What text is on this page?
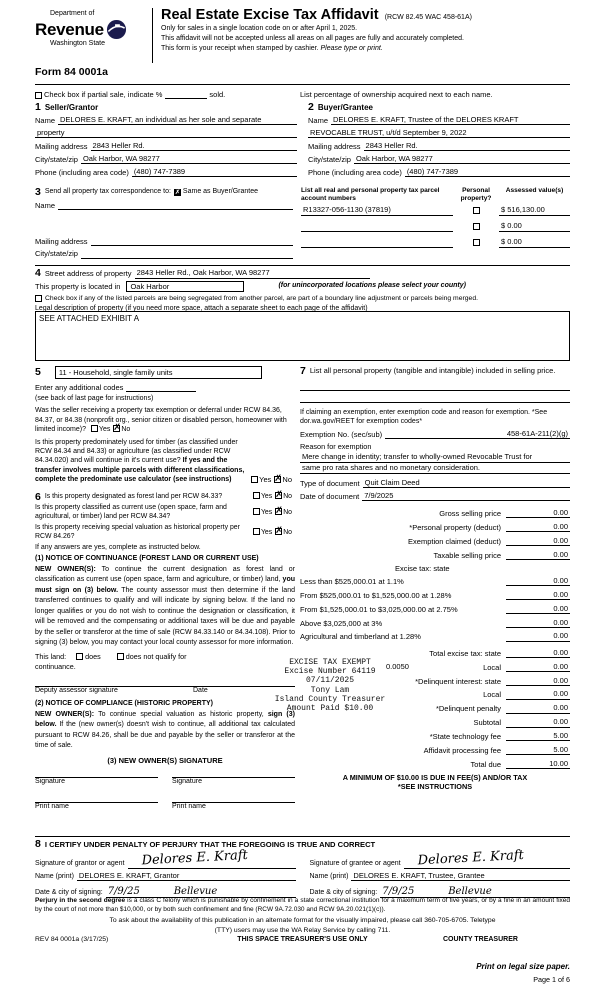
Department of
Revenue
Washington State
Real Estate Excise Tax Affidavit (RCW 82.45 WAC 458-61A)
Only for sales in a single location code on or after April 1, 2025.
This affidavit will not be accepted unless all areas on all pages are fully and accurately completed.
This form is your receipt when stamped by cashier. Please type or print.
Form 84 0001a
Check box if partial sale, indicate %	sold.	List percentage of ownership acquired next to each name.
1 Seller/Grantor
Name DELORES E. KRAFT, an individual as her sole and separate
property
Mailing address 2843 Heller Rd.
City/state/zip Oak Harbor, WA 98277
Phone (including area code) (480) 747-7389
2 Buyer/Grantee
Name DELORES E. KRAFT, Trustee of the DELORES KRAFT
REVOCABLE TRUST, u/t/d September 9, 2022
Mailing address 2843 Heller Rd.
City/state/zip Oak Harbor, WA 98277
Phone (including area code) (480) 747-7389
3 Send all property tax correspondence to: ✗ Same as Buyer/Grantee
Name
Mailing address
City/state/zip
List all real and personal property tax parcel account numbers
Personal property?
Assessed value(s)
R13327-056-1130 (37819)	$ 516,130.00
$ 0.00
$ 0.00
4 Street address of property 2843 Heller Rd., Oak Harbor, WA 98277
This property is located in	Oak Harbor	(for unincorporated locations please select your county)
Check box if any of the listed parcels are being segregated from another parcel, are part of a boundary line adjustment or parcels being merged.
Legal description of property (if you need more space, attach a separate sheet to each page of the affidavit)
SEE ATTACHED EXHIBIT A
5	11 - Household, single family units
Enter any additional codes
(see back of last page for instructions)
Was the seller receiving a property tax exemption or deferral under RCW 84.36, 84.37, or 84.38 (nonprofit org., senior citizen or disabled person, homeowner with limited income)? Yes ✗ No
Is this property predominately used for timber (as classified under RCW 84.34 and 84.33) or agriculture (as classified under RCW 84.34.020) and will continue in it's current use? If yes and the transfer involves multiple parcels with different classifications, complete the predominate use calculator (see instructions)	Yes ✗ No
6 Is this property designated as forest land per RCW 84.33?	Yes ✗ No
Is this property classified as current use (open space, farm and agricultural, or timber) land per RCW 84.34?
Yes ✗ No
Is this property receiving special valuation as historical property per RCW 84.26?
Yes ✗ No
If any answers are yes, complete as instructed below.
(1) NOTICE OF CONTINUANCE (FOREST LAND OR CURRENT USE)
NEW OWNER(S): To continue the current designation as forest land or classification as current use (open space, farm and agriculture, or timber) land, you must sign on (3) below. The county assessor must then determine if the land transferred continues to qualify and will indicate by signing below. If the land no longer qualifies or you do not wish to continue the designation or classification, it will be removed and the compensating or additional taxes will be due and payable by the seller or transferor at the time of sale (RCW 84.33.140 or 84.34.108). Prior to signing (3) below, you may contact your local county assessor for more information.
This land:	does	does not qualify for continuance.
Deputy assessor signature	Date
(2) NOTICE OF COMPLIANCE (HISTORIC PROPERTY)
NEW OWNER(S): To continue special valuation as historic property, sign (3) below. If the (new owner(s) doesn't wish to continue, all additional tax calculated pursuant to RCW 84.26, shall be due and payable by the seller or transferor at the time of sale.
(3) NEW OWNER(S) SIGNATURE
Signature	Signature
Print name	Print name
7 List all personal property (tangible and intangible) included in selling price.
If claiming an exemption, enter exemption code and reason for exemption. *See dor.wa.gov/REET for exemption codes*
Exemption No. (sec/sub)	458-61A-211(2)(g)
Reason for exemption
Mere change in identity; transfer to wholly-owned Revocable Trust for
same pro rata shares and no monetary consideration.
Type of document Quit Claim Deed
Date of document 7/9/2025
Gross selling price	0.00
*Personal property (deduct)	0.00
Exemption claimed (deduct)	0.00
Taxable selling price	0.00
Excise tax: state
Less than $525,000.01 at 1.1%	0.00
From $525,000.01 to $1,525,000.00 at 1.28%	0.00
From $1,525,000.01 to $3,025,000.00 at 2.75%	0.00
Above $3,025,000 at 3%	0.00
Agricultural and timberland at 1.28%	0.00
Total excise tax: state	0.00
0.0050	Local	0.00
*Delinquent interest: state	0.00
Local	0.00
*Delinquent penalty	0.00
Subtotal	0.00
*State technology fee	5.00
Affidavit processing fee	5.00
Total due	10.00
A MINIMUM OF $10.00 IS DUE IN FEE(S) AND/OR TAX
*SEE INSTRUCTIONS
EXCISE TAX EXEMPT
Excise Number 64119
07/11/2025
Tony Lam
Island County Treasurer
Amount Paid $10.00
8 I CERTIFY UNDER PENALTY OF PERJURY THAT THE FOREGOING IS TRUE AND CORRECT
Signature of grantor or agent	Delores E. Kraft
Name (print) DELORES E. KRAFT, Grantor
Date & city of signing: 7/9/25	Bellevue
Signature of grantee or agent	Delores E. Kraft
Name (print) DELORES E. KRAFT, Trustee, Grantee
Date & city of signing: 7/9/25	Bellevue
Perjury in the second degree is a class C felony which is punishable by confinement in a state correctional institution for a maximum term of five years, or by a fine in an amount fixed by the court of not more than $10,000, or by both such confinement and fine (RCW 9A.72.030 and RCW 9A.20.021(1)(c)).
To ask about the availability of this publication in an alternate format for the visually impaired, please call 360-705-6705. Teletype
(TTY) users may use the WA Relay Service by calling 711.
REV 84 0001a (3/17/25)	THIS SPACE TREASURER'S USE ONLY	COUNTY TREASURER
Print on legal size paper.
Page 1 of 6
